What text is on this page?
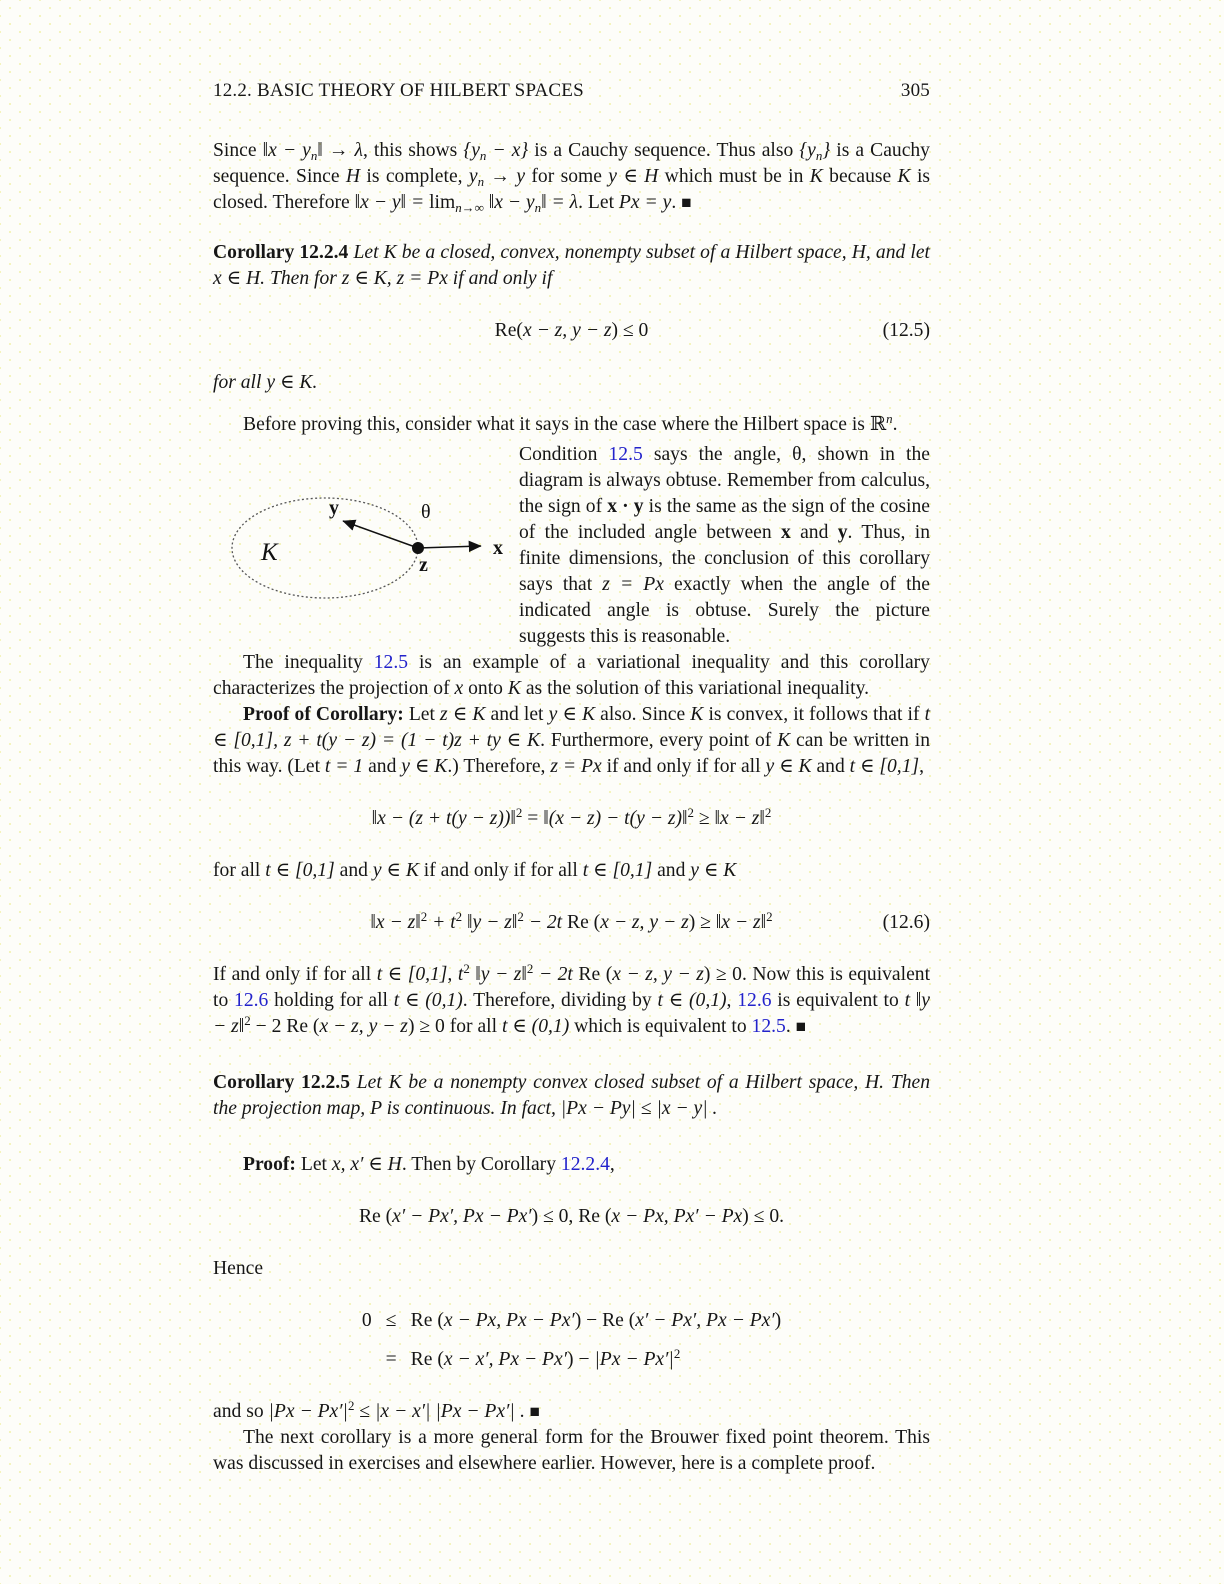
12.2. BASIC THEORY OF HILBERT SPACES	305

Since ‖x − yn‖ → λ, this shows {yn − x} is a Cauchy sequence. Thus also {yn} is a Cauchy sequence. Since H is complete, yn → y for some y ∈ H which must be in K because K is closed. Therefore ‖x − y‖ = limn→∞ ‖x − yn‖ = λ. Let Px = y. ■

Corollary 12.2.4 Let K be a closed, convex, nonempty subset of a Hilbert space, H, and let x ∈ H. Then for z ∈ K, z = Px if and only if

Re(x − z, y − z) ≤ 0	(12.5)

for all y ∈ K.

Before proving this, consider what it says in the case where the Hilbert space is ℝ$^n$.

K
y	θ
x
z

Condition 12.5 says the angle, θ, shown in the diagram is always obtuse. Remember from calculus, the sign of x · y is the same as the sign of the cosine of the included angle between x and y. Thus, in finite dimensions, the conclusion of this corollary says that z = Px exactly when the angle of the indicated angle is obtuse. Surely the picture suggests this is reasonable.

The inequality 12.5 is an example of a variational inequality and this corollary characterizes the projection of x onto K as the solution of this variational inequality.

Proof of Corollary: Let z ∈ K and let y ∈ K also. Since K is convex, it follows that if t ∈ [0,1], z + t(y − z) = (1 − t)z + ty ∈ K. Furthermore, every point of K can be written in this way. (Let t = 1 and y ∈ K.) Therefore, z = Px if and only if for all y ∈ K and t ∈ [0,1],

‖x − (z + t(y − z))‖$^2$ = ‖(x − z) − t(y − z)‖$^2$ ≥ ‖x − z‖$^2$

for all t ∈ [0,1] and y ∈ K if and only if for all t ∈ [0,1] and y ∈ K

‖x − z‖$^2$ + $t^2$ ‖y − z‖$^2$ − 2t Re (x − z, y − z) ≥ ‖x − z‖$^2$	(12.6)

If and only if for all t ∈ [0,1], $t^2$ ‖y − z‖$^2$ − 2t Re (x − z, y − z) ≥ 0. Now this is equivalent to 12.6 holding for all t ∈ (0,1). Therefore, dividing by t ∈ (0,1), 12.6 is equivalent to t ‖y − z‖$^2$ − 2 Re (x − z, y − z) ≥ 0 for all t ∈ (0,1) which is equivalent to 12.5. ■

Corollary 12.2.5 Let K be a nonempty convex closed subset of a Hilbert space, H. Then the projection map, P is continuous. In fact, |Px − Py| ≤ |x − y| .

Proof: Let x, x′ ∈ H. Then by Corollary 12.2.4,

Re (x′ − Px′, Px − Px′) ≤ 0, Re (x − Px, Px′ − Px) ≤ 0.

Hence

0 ≤ Re (x − Px, Px − Px′) − Re (x′ − Px′, Px − Px′)
= Re (x − x′, $Px - Px') - |Px - Px'|^2$

and so $|Px - Px'|^2 \le |x - x'|$ |Px − Px′| . ■

The next corollary is a more general form for the Brouwer fixed point theorem. This was discussed in exercises and elsewhere earlier. However, here is a complete proof.
